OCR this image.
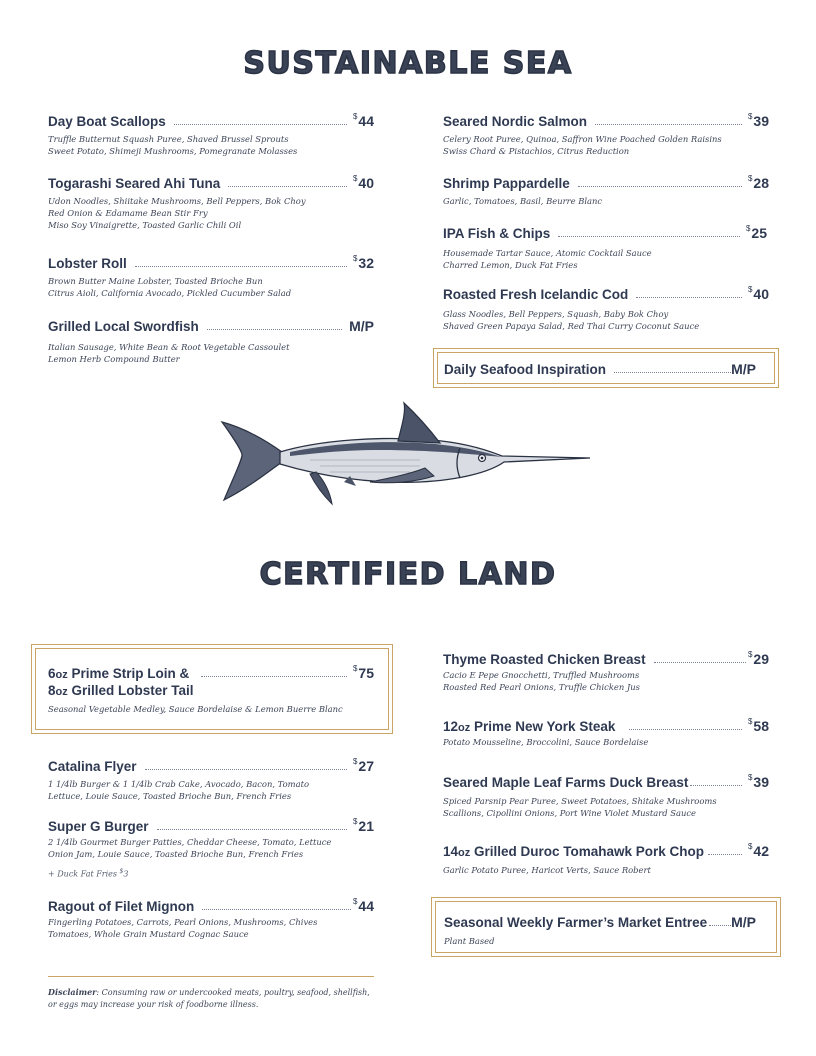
SUSTAINABLE SEA
Day Boat Scallops	$44
Truffle Butternut Squash Puree, Shaved Brussel Sprouts
Sweet Potato, Shimeji Mushrooms, Pomegranate Molasses
Togarashi Seared Ahi Tuna	$40
Udon Noodles, Shiitake Mushrooms, Bell Peppers, Bok Choy
Red Onion & Edamame Bean Stir Fry
Miso Soy Vinaigrette, Toasted Garlic Chili Oil
Lobster Roll	$32
Brown Butter Maine Lobster, Toasted Brioche Bun
Citrus Aioli, California Avocado, Pickled Cucumber Salad
Grilled Local Swordfish	M/P
Italian Sausage, White Bean & Root Vegetable Cassoulet
Lemon Herb Compound Butter
Seared Nordic Salmon	$39
Celery Root Puree, Quinoa, Saffron Wine Poached Golden Raisins
Swiss Chard & Pistachios, Citrus Reduction
Shrimp Pappardelle	$28
Garlic, Tomatoes, Basil, Beurre Blanc
IPA Fish & Chips	$25
Housemade Tartar Sauce, Atomic Cocktail Sauce
Charred Lemon, Duck Fat Fries
Roasted Fresh Icelandic Cod	$40
Glass Noodles, Bell Peppers, Squash, Baby Bok Choy
Shaved Green Papaya Salad, Red Thai Curry Coconut Sauce
Daily Seafood Inspiration	M/P
CERTIFIED LAND
6oz Prime Strip Loin &	$75
8oz Grilled Lobster Tail
Seasonal Vegetable Medley, Sauce Bordelaise & Lemon Buerre Blanc
Catalina Flyer	$27
1 1/4lb Burger & 1 1/4lb Crab Cake, Avocado, Bacon, Tomato
Lettuce, Louie Sauce, Toasted Brioche Bun, French Fries
Super G Burger	$21
2 1/4lb Gourmet Burger Patties, Cheddar Cheese, Tomato, Lettuce
Onion Jam, Louie Sauce, Toasted Brioche Bun, French Fries
+ Duck Fat Fries $3
Ragout of Filet Mignon	$44
Fingerling Potatoes, Carrots, Pearl Onions, Mushrooms, Chives
Tomatoes, Whole Grain Mustard Cognac Sauce
Thyme Roasted Chicken Breast	$29
Cacio E Pepe Gnocchetti, Truffled Mushrooms
Roasted Red Pearl Onions, Truffle Chicken Jus
12oz Prime New York Steak	$58
Potato Mousseline, Broccolini, Sauce Bordelaise
Seared Maple Leaf Farms Duck Breast	$39
Spiced Parsnip Pear Puree, Sweet Potatoes, Shitake Mushrooms
Scallions, Cipollini Onions, Port Wine Violet Mustard Sauce
14oz Grilled Duroc Tomahawk Pork Chop	$42
Garlic Potato Puree, Haricot Verts, Sauce Robert
Seasonal Weekly Farmer’s Market Entree M/P
Plant Based
Disclaimer: Consuming raw or undercooked meats, poultry, seafood, shellfish,
or eggs may increase your risk of foodborne illness.
